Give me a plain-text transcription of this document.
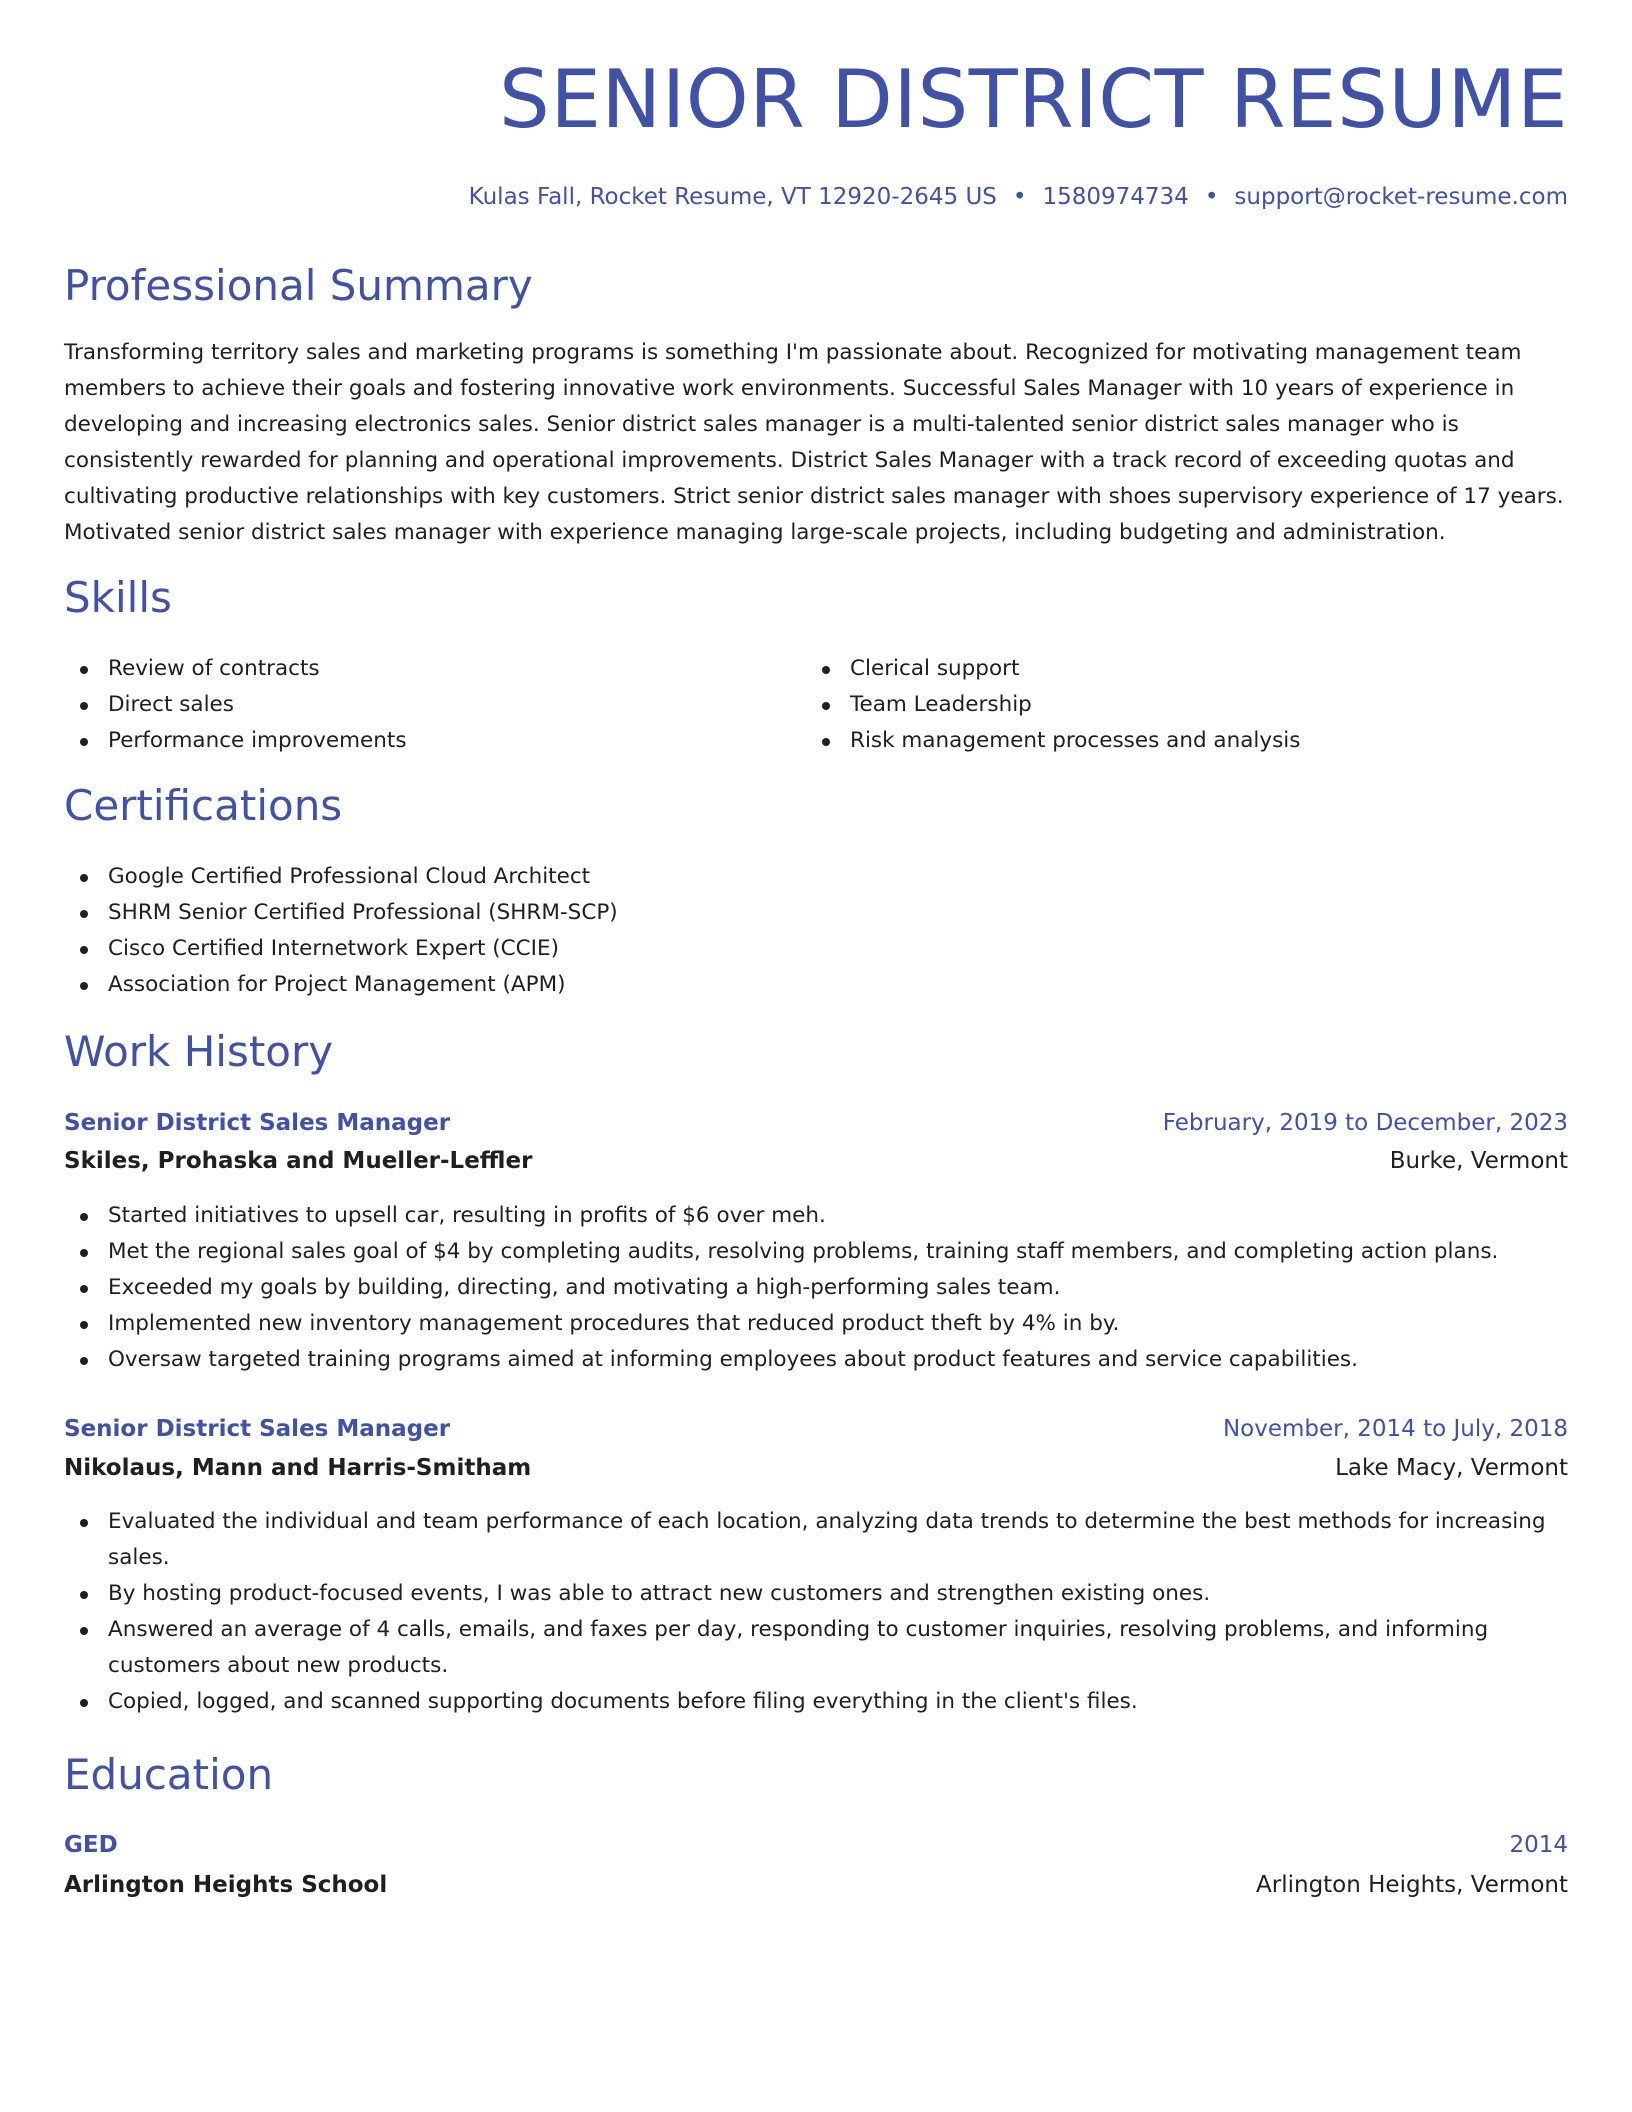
SENIOR DISTRICT RESUME
Kulas Fall, Rocket Resume, VT 12920-2645 US • 1580974734 • support@rocket-resume.com
Professional Summary

Transforming territory sales and marketing programs is something I'm passionate about. Recognized for motivating management team members to achieve their goals and fostering innovative work environments. Successful Sales Manager with 10 years of experience in developing and increasing electronics sales. Senior district sales manager is a multi-talented senior district sales manager who is consistently rewarded for planning and operational improvements. District Sales Manager with a track record of exceeding quotas and cultivating productive relationships with key customers. Strict senior district sales manager with shoes supervisory experience of 17 years. Motivated senior district sales manager with experience managing large-scale projects, including budgeting and administration.

Skills
Review of contracts
Direct sales
Performance improvements
Clerical support
Team Leadership
Risk management processes and analysis
Certifications
Google Certified Professional Cloud Architect
SHRM Senior Certified Professional (SHRM-SCP)
Cisco Certified Internetwork Expert (CCIE)
Association for Project Management (APM)
Work History
Senior District Sales Manager	February, 2019 to December, 2023
Skiles, Prohaska and Mueller-Leffler	Burke, Vermont
Started initiatives to upsell car, resulting in profits of $6 over meh.
Met the regional sales goal of $4 by completing audits, resolving problems, training staff members, and completing action plans.
Exceeded my goals by building, directing, and motivating a high-performing sales team.
Implemented new inventory management procedures that reduced product theft by 4% in by.
Oversaw targeted training programs aimed at informing employees about product features and service capabilities.
Senior District Sales Manager	November, 2014 to July, 2018
Nikolaus, Mann and Harris-Smitham	Lake Macy, Vermont
Evaluated the individual and team performance of each location, analyzing data trends to determine the best methods for increasing sales.
By hosting product-focused events, I was able to attract new customers and strengthen existing ones.
Answered an average of 4 calls, emails, and faxes per day, responding to customer inquiries, resolving problems, and informing customers about new products.
Copied, logged, and scanned supporting documents before filing everything in the client's files.
Education
GED	2014
Arlington Heights School	Arlington Heights, Vermont
